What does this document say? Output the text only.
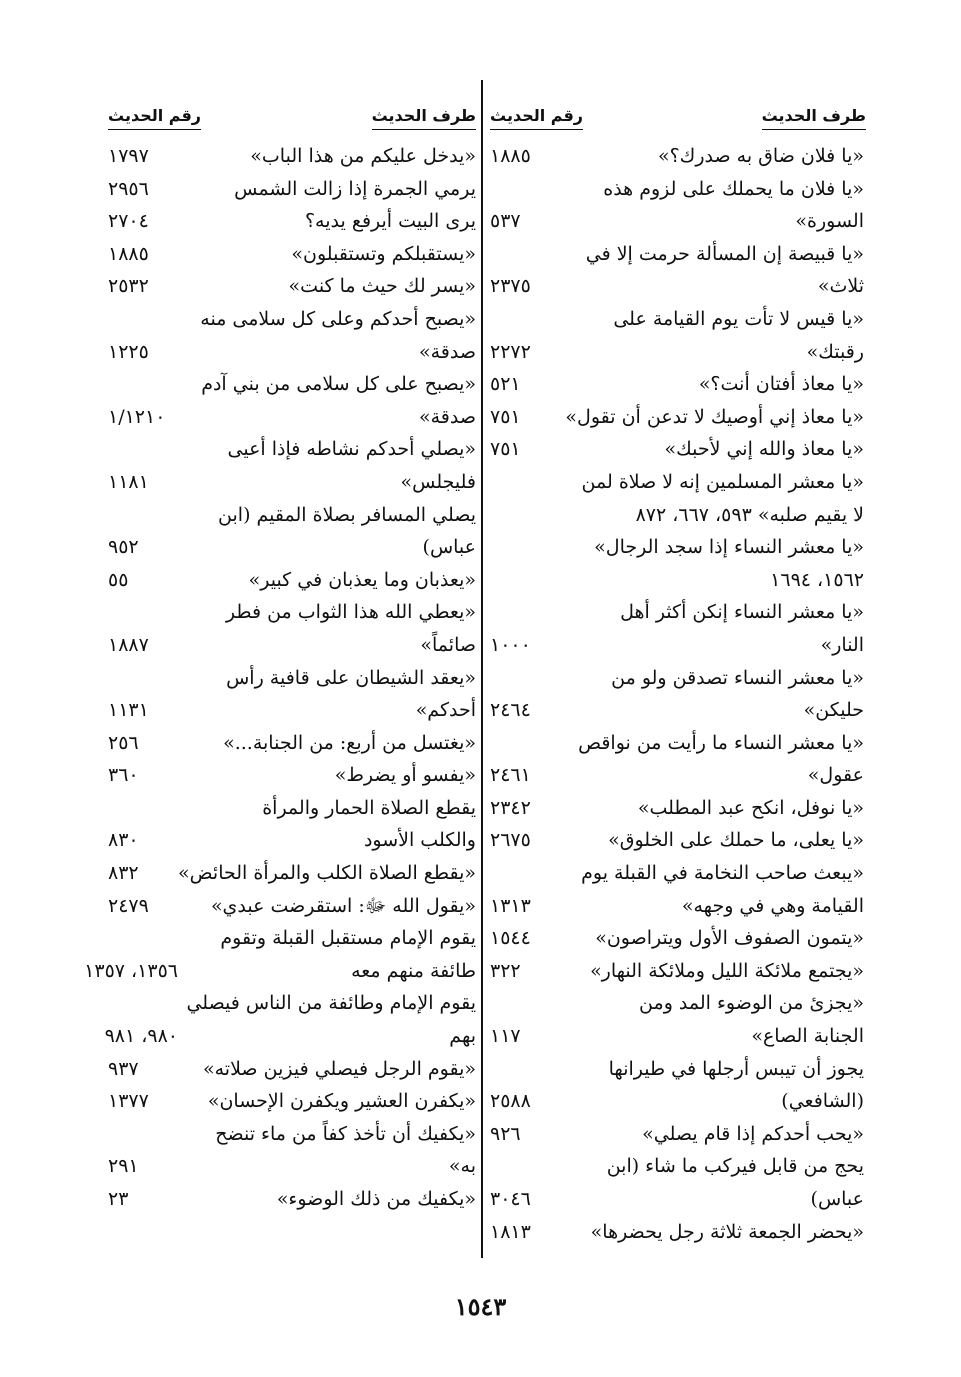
طرف الحديث
رقم الحديث
طرف الحديث
رقم الحديث
«يا فلان ضاق به صدرك؟»
١٨٨٥
«يا فلان ما يحملك على لزوم هذه
السورة»
٥٣٧
«يا قبيصة إن المسألة حرمت إلا في
ثلاث»
٢٣٧٥
«يا قيس لا تأت يوم القيامة على
رقبتك»
٢٢٧٢
«يا معاذ أفتان أنت؟»
٥٢١
«يا معاذ إني أوصيك لا تدعن أن تقول»
٧٥١
«يا معاذ والله إني لأحبك»
٧٥١
«يا معشر المسلمين إنه لا صلاة لمن
لا يقيم صلبه» ٥٩٣، ٦٦٧، ٨٧٢
«يا معشر النساء إذا سجد الرجال» ١٥٦٢، ١٦٩٤
«يا معشر النساء إنكن أكثر أهل
النار»
١٠٠٠
«يا معشر النساء تصدقن ولو من
حليكن»
٢٤٦٤
«يا معشر النساء ما رأيت من نواقص
عقول»
٢٤٦١
«يا نوفل، انكح عبد المطلب»
٢٣٤٢
«يا يعلى، ما حملك على الخلوق»
٢٦٧٥
«يبعث صاحب النخامة في القبلة يوم
القيامة وهي في وجهه»
١٣١٣
«يتمون الصفوف الأول ويتراصون»
١٥٤٤
«يجتمع ملائكة الليل وملائكة النهار»
٣٢٢
«يجزئ من الوضوء المد ومن
الجنابة الصاع»
١١٧
يجوز أن تيبس أرجلها في طيرانها
(الشافعي)
٢٥٨٨
«يحب أحدكم إذا قام يصلي»
٩٢٦
يحج من قابل فيركب ما شاء (ابن
عباس)
٣٠٤٦
«يحضر الجمعة ثلاثة رجل يحضرها»
١٨١٣
«يدخل عليكم من هذا الباب»
١٧٩٧
يرمي الجمرة إذا زالت الشمس
٢٩٥٦
يرى البيت أيرفع يديه؟
٢٧٠٤
«يستقبلكم وتستقبلون»
١٨٨٥
«يسر لك حيث ما كنت»
٢٥٣٢
«يصبح أحدكم وعلى كل سلامى منه
صدقة»
١٢٢٥
«يصبح على كل سلامى من بني آدم
صدقة»
١/١٢١٠
«يصلي أحدكم نشاطه فإذا أعيى
فليجلس»
١١٨١
يصلي المسافر بصلاة المقيم (ابن
عباس)
٩٥٢
«يعذبان وما يعذبان في كبير»
٥٥
«يعطي الله هذا الثواب من فطر
صائماً»
١٨٨٧
«يعقد الشيطان على قافية رأس
أحدكم»
١١٣١
«يغتسل من أربع: من الجنابة...»
٢٥٦
«يفسو أو يضرط»
٣٦٠
يقطع الصلاة الحمار والمرأة
والكلب الأسود
٨٣٠
«يقطع الصلاة الكلب والمرأة الحائض»
٨٣٢
«يقول الله ﷻ: استقرضت عبدي»
٢٤٧٩
يقوم الإمام مستقبل القبلة وتقوم
طائفة منهم معه
١٣٥٦، ١٣٥٧
يقوم الإمام وطائفة من الناس فيصلي
بهم
٩٨٠، ٩٨١
«يقوم الرجل فيصلي فيزين صلاته»
٩٣٧
«يكفرن العشير ويكفرن الإحسان»
١٣٧٧
«يكفيك أن تأخذ كفاً من ماء تنضح
به»
٢٩١
«يكفيك من ذلك الوضوء»
٢٣
١٥٤٣
